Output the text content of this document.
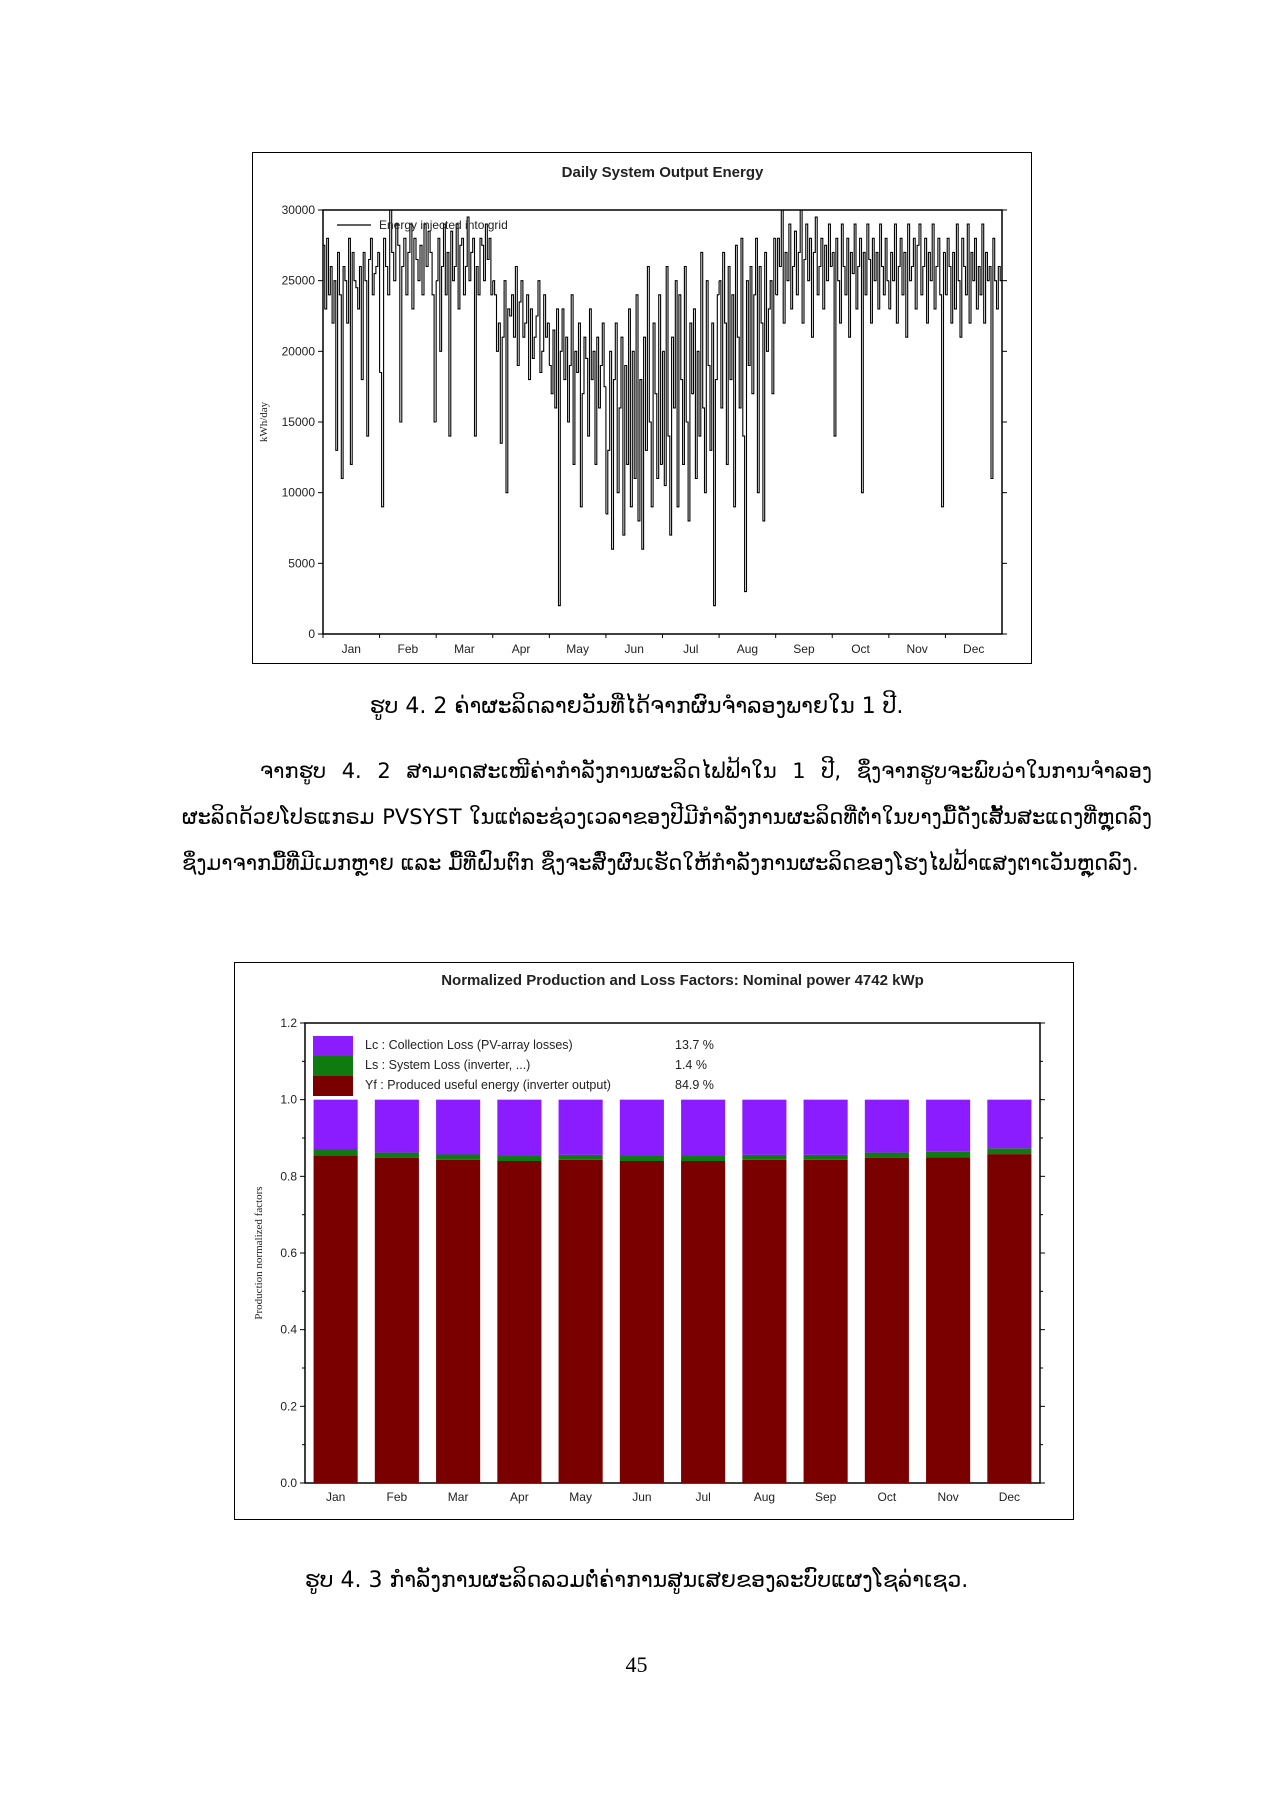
Daily System Output Energy
0
5000
10000
15000
20000
25000
30000
kWh/day
Jan	Feb	Mar	Apr	May	Jun	Jul	Aug	Sep	Oct	Nov	Dec
Energy injected into grid
ຮູບ 4. 2 ຄ່າຜະລິດລາຍວັນທີ່ໄດ້ຈາກຜົນຈຳລອງພາຍໃນ 1 ປີ.

ຈາກຮູບ 4. 2 ສາມາດສະເໜີຄ່າກຳລັງການຜະລິດໄຟຟ້າໃນ 1 ປີ, ຊຶ່ງຈາກຮູບຈະພົບວ່າໃນການຈຳລອງຜະລິດດ້ວຍໂປຣແກຣມ PVSYST ໃນແຕ່ລະຊ່ວງເວລາຂອງປີມີກຳລັງການຜະລິດທີ່ຕ່ຳໃນບາງມື້ດັ່ງເສັ້ນສະແດງທີ່ຫຼຸດລົງ ຊຶ່ງມາຈາກມື້ທີ່ມີເມກຫຼາຍ ແລະ ມື້ທີ່ຝົນຕົກ ຊຶ່ງຈະສົ່ງຜົນເຮັດໃຫ້ກຳລັງການຜະລິດຂອງໂຮງໄຟຟ້າແສງຕາເວັນຫຼຸດລົງ.

Normalized Production and Loss Factors: Nominal power 4742 kWp
0.0
0.2
0.4
0.6
0.8
1.0
1.2
Production normalized factors
Jan	Feb	Mar	Apr	May	Jun	Jul	Aug	Sep	Oct	Nov	Dec
Lc : Collection Loss (PV-array losses)	13.7 %
Ls : System Loss (inverter, ...)	1.4 %
Yf : Produced useful energy (inverter output)	84.9 %
ຮູບ 4. 3 ກຳລັງການຜະລິດລວມຕໍ່ຄ່າການສູນເສຍຂອງລະບົບແຜງໂຊລ່າເຊວ.
45
